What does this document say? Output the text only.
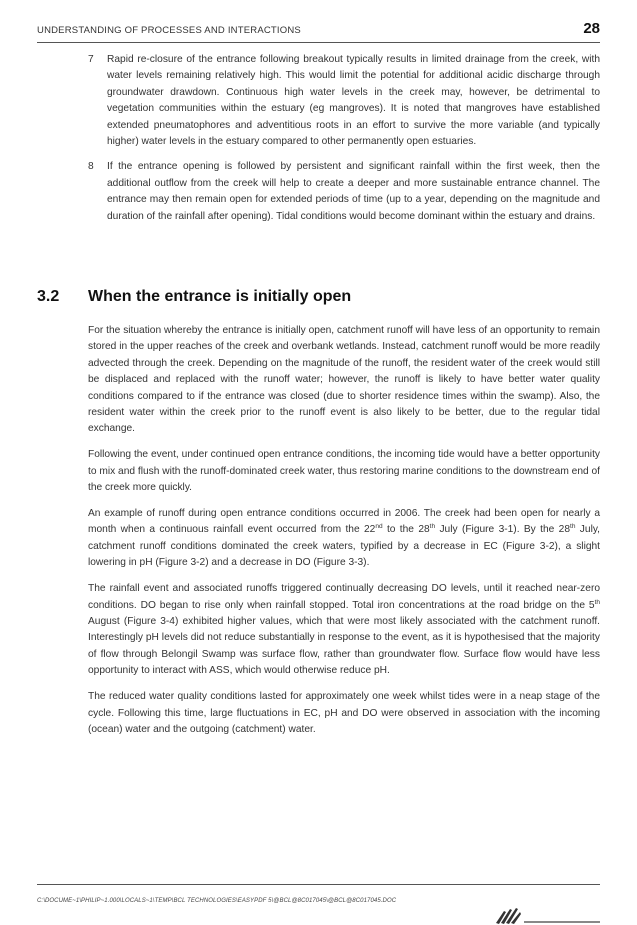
UNDERSTANDING OF PROCESSES AND INTERACTIONS	28
7 Rapid re-closure of the entrance following breakout typically results in limited drainage from the creek, with water levels remaining relatively high. This would limit the potential for additional acidic discharge through groundwater drawdown. Continuous high water levels in the creek may, however, be detrimental to vegetation communities within the estuary (eg mangroves). It is noted that mangroves have established extended pneumatophores and adventitious roots in an effort to survive the more variable (and typically higher) water levels in the estuary compared to other permanently open estuaries.
8 If the entrance opening is followed by persistent and significant rainfall within the first week, then the additional outflow from the creek will help to create a deeper and more sustainable entrance channel. The entrance may then remain open for extended periods of time (up to a year, depending on the magnitude and duration of the rainfall after opening). Tidal conditions would become dominant within the estuary and drains.
3.2 When the entrance is initially open

For the situation whereby the entrance is initially open, catchment runoff will have less of an opportunity to remain stored in the upper reaches of the creek and overbank wetlands. Instead, catchment runoff would be more readily advected through the creek. Depending on the magnitude of the runoff, the resident water of the creek would still be displaced and replaced with the runoff water; however, the runoff is likely to have better water quality conditions compared to if the entrance was closed (due to shorter residence times within the swamp). Also, the resident water within the creek prior to the runoff event is also likely to be better, due to the regular tidal exchange.

Following the event, under continued open entrance conditions, the incoming tide would have a better opportunity to mix and flush with the runoff-dominated creek water, thus restoring marine conditions to the downstream end of the creek more quickly.

An example of runoff during open entrance conditions occurred in 2006. The creek had been open for nearly a month when a continuous rainfall event occurred from the 22nd to the 28th July (Figure 3-1). By the 28th July, catchment runoff conditions dominated the creek waters, typified by a decrease in EC (Figure 3-2), a slight lowering in pH (Figure 3-2) and a decrease in DO (Figure 3-3).

The rainfall event and associated runoffs triggered continually decreasing DO levels, until it reached near-zero conditions. DO began to rise only when rainfall stopped. Total iron concentrations at the road bridge on the 5th August (Figure 3-4) exhibited higher values, which that were most likely associated with the catchment runoff. Interestingly pH levels did not reduce substantially in response to the event, as it is hypothesised that the majority of flow through Belongil Swamp was surface flow, rather than groundwater flow. Surface flow would have less opportunity to interact with ASS, which would otherwise reduce pH.

The reduced water quality conditions lasted for approximately one week whilst tides were in a neap stage of the cycle. Following this time, large fluctuations in EC, pH and DO were observed in association with the incoming (ocean) water and the outgoing (catchment) water.

C:\DOCUME~1\PHILIP~1.000\LOCALS~1\TEMP\BCL TECHNOLOGIES\EASYPDF 5\@BCL@8C017045\@BCL@8C017045.DOC
